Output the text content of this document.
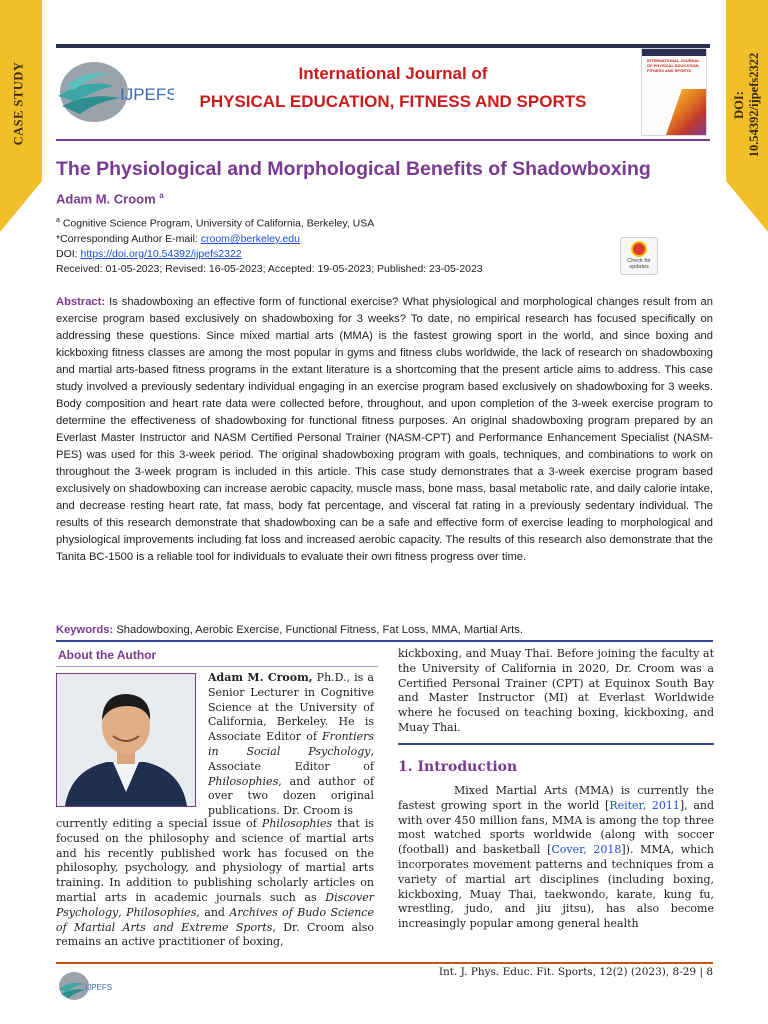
CASE STUDY	DOI: 10.54392/ijpefs2322
IJPEFS
International Journal of
PHYSICAL EDUCATION, FITNESS AND SPORTS
INTERNATIONAL JOURNAL OF PHYSICAL EDUCATION, FITNESS AND SPORTS
The Physiological and Morphological Benefits of Shadowboxing
Adam M. Croom $^a$
$^a$ Cognitive Science Program, University of California, Berkeley, USA
*Corresponding Author E-mail: croom@berkeley.edu
DOI: https://doi.org/10.54392/ijpefs2322
Received: 01-05-2023; Revised: 16-05-2023; Accepted: 19-05-2023; Published: 23-05-2023
Check for updates
Abstract: Is shadowboxing an effective form of functional exercise? What physiological and morphological changes result from an exercise program based exclusively on shadowboxing for 3 weeks? To date, no empirical research has focused specifically on addressing these questions. Since mixed martial arts (MMA) is the fastest growing sport in the world, and since boxing and kickboxing fitness classes are among the most popular in gyms and fitness clubs worldwide, the lack of research on shadowboxing and martial arts-based fitness programs in the extant literature is a shortcoming that the present article aims to address. This case study involved a previously sedentary individual engaging in an exercise program based exclusively on shadowboxing for 3 weeks. Body composition and heart rate data were collected before, throughout, and upon completion of the 3-week exercise program to determine the effectiveness of shadowboxing for functional fitness purposes. An original shadowboxing program prepared by an Everlast Master Instructor and NASM Certified Personal Trainer (NASM-CPT) and Performance Enhancement Specialist (NASM-PES) was used for this 3-week period. The original shadowboxing program with goals, techniques, and combinations to work on throughout the 3-week program is included in this article. This case study demonstrates that a 3-week exercise program based exclusively on shadowboxing can increase aerobic capacity, muscle mass, bone mass, basal metabolic rate, and daily calorie intake, and decrease resting heart rate, fat mass, body fat percentage, and visceral fat rating in a previously sedentary individual. The results of this research demonstrate that shadowboxing can be a safe and effective form of exercise leading to morphological and physiological improvements including fat loss and increased aerobic capacity. The results of this research also demonstrate that the Tanita BC-1500 is a reliable tool for individuals to evaluate their own fitness progress over time.
Keywords: Shadowboxing, Aerobic Exercise, Functional Fitness, Fat Loss, MMA, Martial Arts.
About the Author
Adam M. Croom, Ph.D., is a Senior Lecturer in Cognitive Science at the University of California, Berkeley. He is Associate Editor of Frontiers in Social Psychology, Associate Editor of Philosophies, and author of over two dozen original publications. Dr. Croom is
currently editing a special issue of Philosophies that is focused on the philosophy and science of martial arts and his recently published work has focused on the philosophy, psychology, and physiology of martial arts training. In addition to publishing scholarly articles on martial arts in academic journals such as Discover Psychology, Philosophies, and Archives of Budo Science of Martial Arts and Extreme Sports, Dr. Croom also remains an active practitioner of boxing,
kickboxing, and Muay Thai. Before joining the faculty at the University of California in 2020, Dr. Croom was a Certified Personal Trainer (CPT) at Equinox South Bay and Master Instructor (MI) at Everlast Worldwide where he focused on teaching boxing, kickboxing, and Muay Thai.
1. Introduction
Mixed Martial Arts (MMA) is currently the fastest growing sport in the world [Reiter, 2011], and with over 450 million fans, MMA is among the top three most watched sports worldwide (along with soccer (football) and basketball [Cover, 2018]). MMA, which incorporates movement patterns and techniques from a variety of martial art disciplines (including boxing, kickboxing, Muay Thai, taekwondo, karate, kung fu, wrestling, judo, and jiu jitsu), has also become increasingly popular among general health
Int. J. Phys. Educ. Fit. Sports, 12(2) (2023), 8-29 | 8
IJPEFS
